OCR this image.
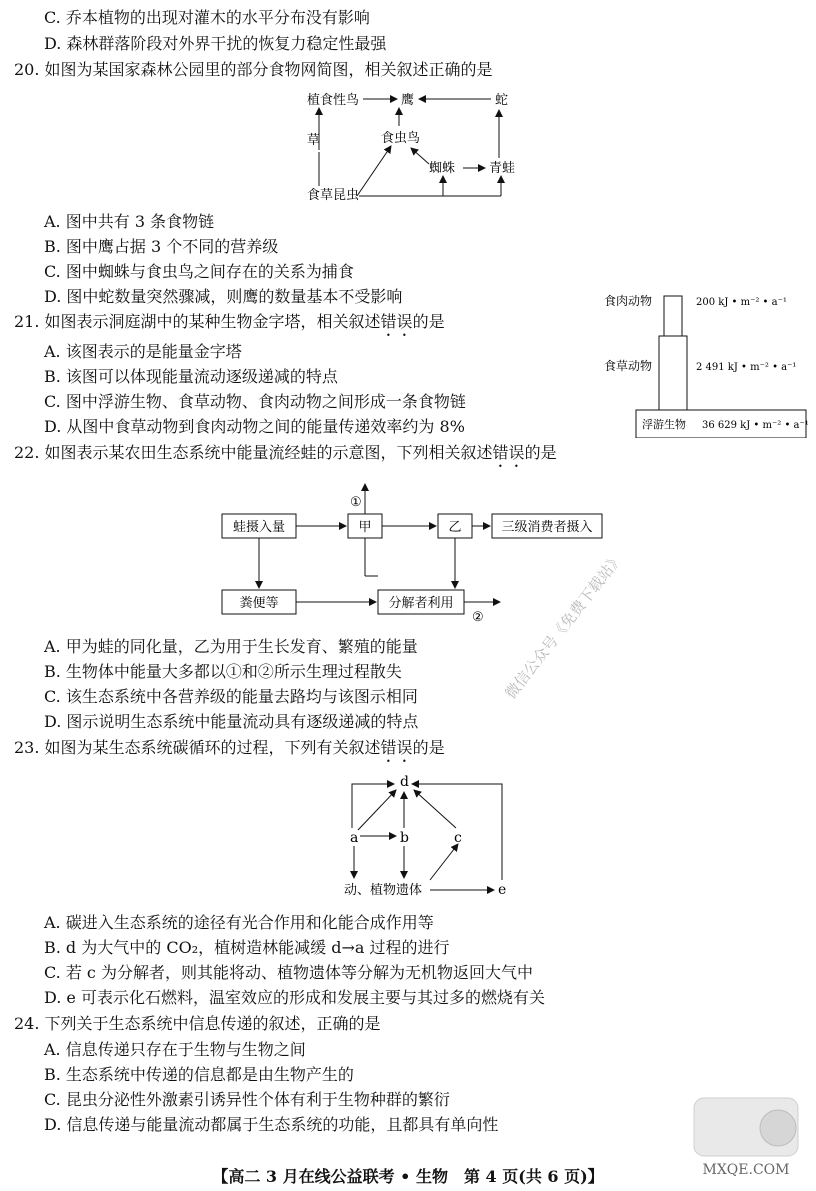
C. 乔本植物的出现对灌木的水平分布没有影响
D. 森林群落阶段对外界干扰的恢复力稳定性最强
20. 如图为某国家森林公园里的部分食物网简图，相关叙述正确的是
植食性鸟	鹰	蛇
草	食虫鸟
蜘蛛	青蛙
食草昆虫
A. 图中共有 3 条食物链
B. 图中鹰占据 3 个不同的营养级
C. 图中蜘蛛与食虫鸟之间存在的关系为捕食
D. 图中蛇数量突然骤减，则鹰的数量基本不受影响	食肉动物	200 kJ • m⁻² • a⁻¹
食草动物	2 491 kJ • m⁻² • a⁻¹
浮游生物 36 629 kJ • m⁻² • a⁻¹
21. 如图表示洞庭湖中的某种生物金字塔，相关叙述错误的是
A. 该图表示的是能量金字塔
B. 该图可以体现能量流动逐级递减的特点
C. 图中浮游生物、食草动物、食肉动物之间形成一条食物链
D. 从图中食草动物到食肉动物之间的能量传递效率约为 8%
22. 如图表示某农田生态系统中能量流经蛙的示意图，下列相关叙述错误的是
蛙摄入量	甲	乙	三级消费者摄入
粪便等	分解者利用
①
②
A. 甲为蛙的同化量，乙为用于生长发育、繁殖的能量
B. 生物体中能量大多都以①和②所示生理过程散失
C. 该生态系统中各营养级的能量去路均与该图示相同
D. 图示说明生态系统中能量流动具有逐级递减的特点
微信公众号《免费下载站》
23. 如图为某生态系统碳循环的过程，下列有关叙述错误的是
d
a	b	c
动、植物遗体	e
A. 碳进入生态系统的途径有光合作用和化能合成作用等
B. d 为大气中的 CO₂，植树造林能减缓 d→a 过程的进行
C. 若 c 为分解者，则其能将动、植物遗体等分解为无机物返回大气中
D. e 可表示化石燃料，温室效应的形成和发展主要与其过多的燃烧有关
24. 下列关于生态系统中信息传递的叙述，正确的是
A. 信息传递只存在于生物与生物之间
B. 生态系统中传递的信息都是由生物产生的
C. 昆虫分泌性外激素引诱异性个体有利于生物种群的繁衍
D. 信息传递与能量流动都属于生态系统的功能，且都具有单向性
MXQE.COM
【高二 3 月在线公益联考 • 生物　第 4 页(共 6 页)】
